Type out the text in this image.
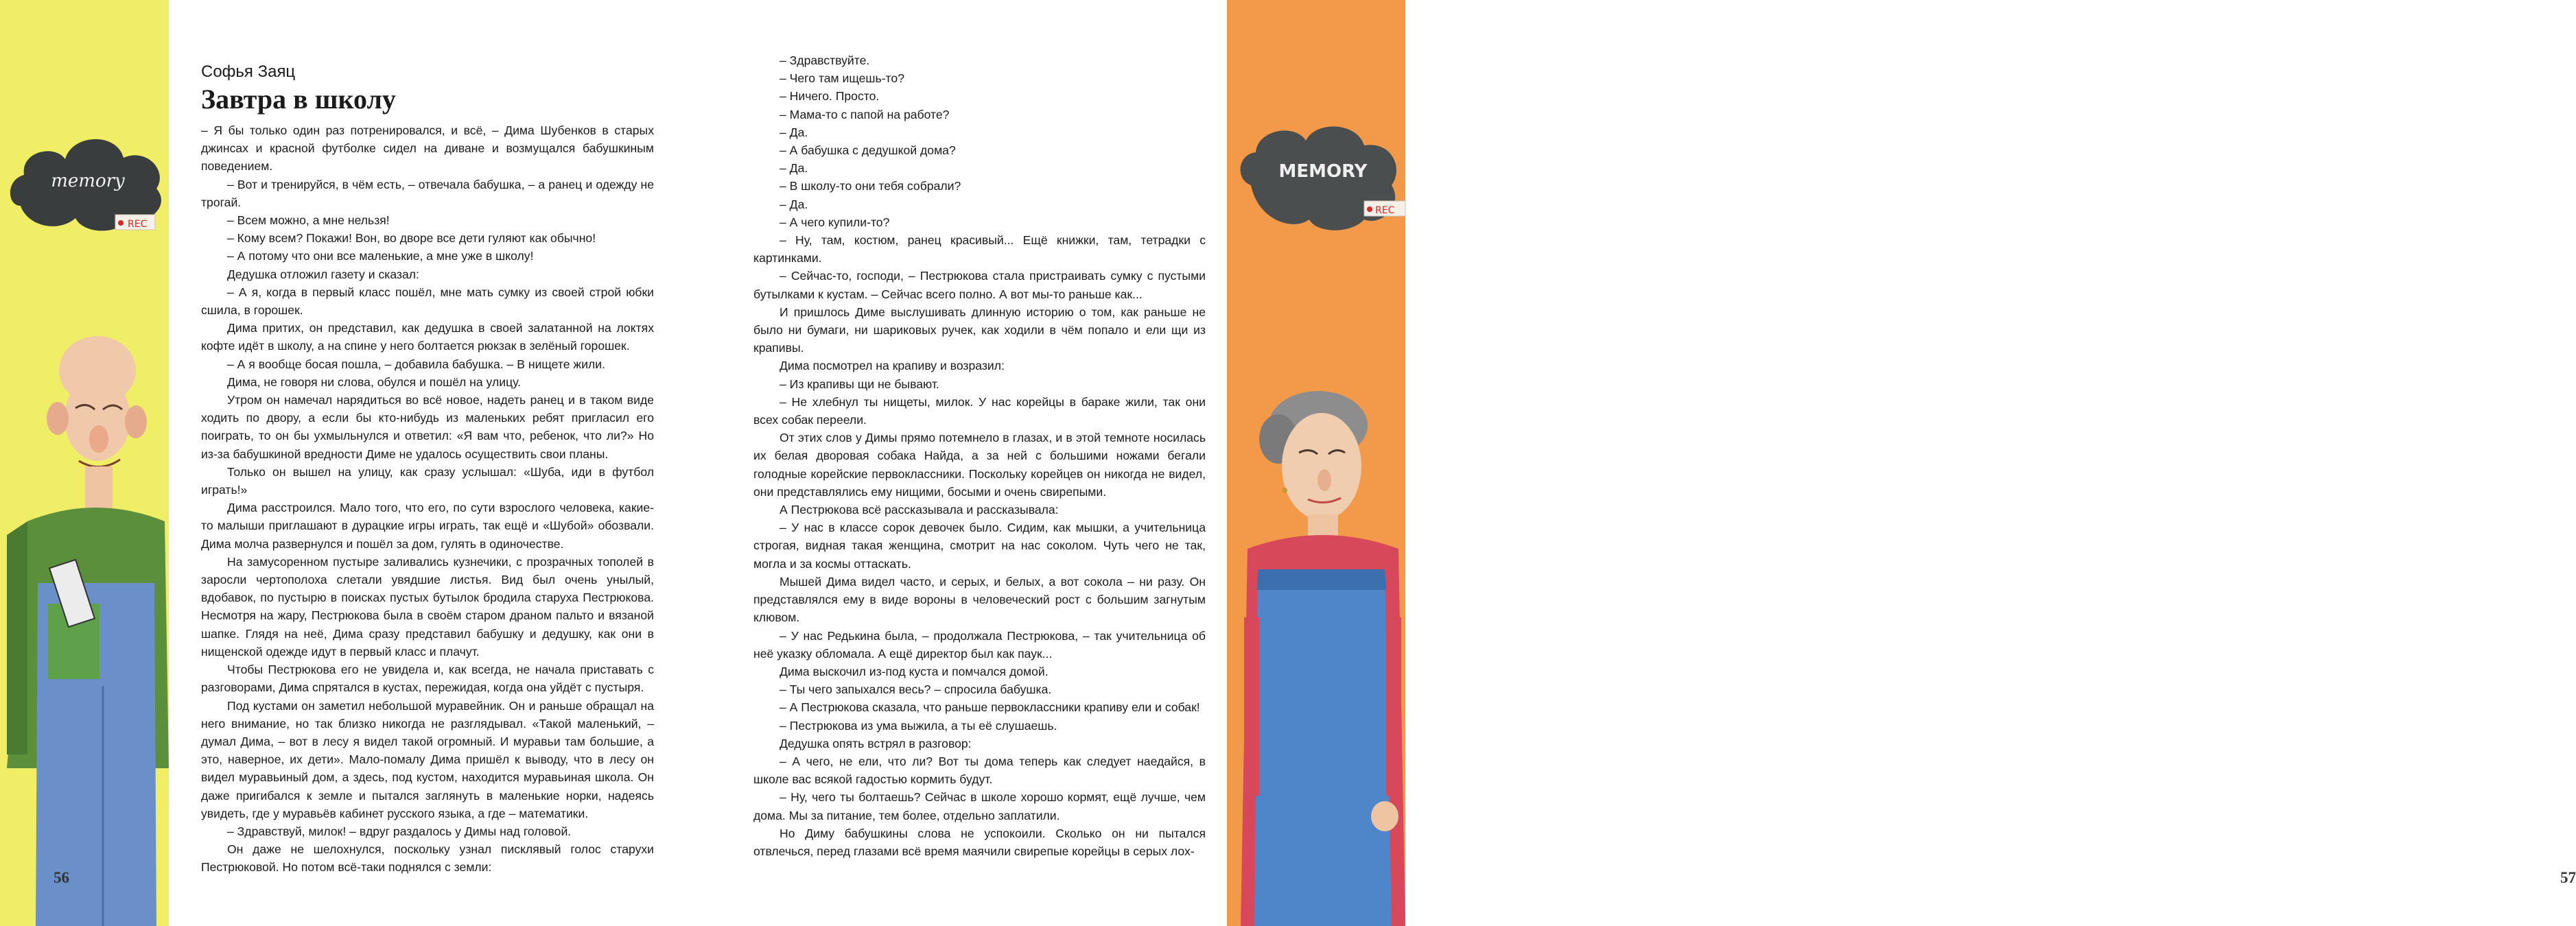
memory
REC
56
MEMORY
REC
57
Софья Заяц
Завтра в школу

– Я бы только один раз потренировался, и всё, – Дима Шубенков в старых джинсах и красной футболке сидел на диване и возмущался бабушкиным поведением.

– Вот и тренируйся, в чём есть, – отвечала бабушка, – а ранец и одежду не трогай.

– Всем можно, а мне нельзя!

– Кому всем? Покажи! Вон, во дворе все дети гуляют как обычно!

– А потому что они все маленькие, а мне уже в школу!

Дедушка отложил газету и сказал:

– А я, когда в первый класс пошёл, мне мать сумку из своей строй юбки сшила, в горошек.

Дима притих, он представил, как дедушка в своей залатанной на локтях кофте идёт в школу, а на спине у него болтается рюкзак в зелёный горошек.

– А я вообще босая пошла, – добавила бабушка. – В нищете жили.

Дима, не говоря ни слова, обулся и пошёл на улицу.

Утром он намечал нарядиться во всё новое, надеть ранец и в таком виде ходить по двору, а если бы кто-нибудь из маленьких ребят пригласил его поиграть, то он бы ухмыльнулся и ответил: «Я вам что, ребенок, что ли?» Но из-за бабушкиной вредности Диме не удалось осуществить свои планы.

Только он вышел на улицу, как сразу услышал: «Шуба, иди в футбол играть!»

Дима расстроился. Мало того, что его, по сути взрослого человека, какие-то малыши приглашают в дурацкие игры играть, так ещё и «Шубой» обозвали. Дима молча развернулся и пошёл за дом, гулять в одиночестве.

На замусоренном пустыре заливались кузнечики, с прозрачных тополей в заросли чертополоха слетали увядшие листья. Вид был очень унылый, вдобавок, по пустырю в поисках пустых бутылок бродила старуха Пестрюкова. Несмотря на жару, Пестрюкова была в своём старом драном пальто и вязаной шапке. Глядя на неё, Дима сразу представил бабушку и дедушку, как они в нищенской одежде идут в первый класс и плачут.

Чтобы Пестрюкова его не увидела и, как всегда, не начала приставать с разговорами, Дима спрятался в кустах, пережидая, когда она уйдёт с пустыря.

Под кустами он заметил небольшой муравейник. Он и раньше обращал на него внимание, но так близко никогда не разглядывал. «Такой маленький, – думал Дима, – вот в лесу я видел такой огромный. И муравьи там большие, а это, наверное, их дети». Мало-помалу Дима пришёл к выводу, что в лесу он видел муравьиный дом, а здесь, под кустом, находится муравьиная школа. Он даже пригибался к земле и пытался заглянуть в маленькие норки, надеясь увидеть, где у муравьёв кабинет русского языка, а где – математики.

– Здравствуй, милок! – вдруг раздалось у Димы над головой.

Он даже не шелохнулся, поскольку узнал писклявый голос старухи Пестрюковой. Но потом всё-таки поднялся с земли:

– Здравствуйте.

– Чего там ищешь-то?

– Ничего. Просто.

– Мама-то с папой на работе?

– Да.

– А бабушка с дедушкой дома?

– Да.

– В школу-то они тебя собрали?

– Да.

– А чего купили-то?

– Ну, там, костюм, ранец красивый... Ещё книжки, там, тетрадки с картинками.

– Сейчас-то, господи, – Пестрюкова стала пристраивать сумку с пустыми бутылками к кустам. – Сейчас всего полно. А вот мы-то раньше как...

И пришлось Диме выслушивать длинную историю о том, как раньше не было ни бумаги, ни шариковых ручек, как ходили в чём попало и ели щи из крапивы.

Дима посмотрел на крапиву и возразил:

– Из крапивы щи не бывают.

– Не хлебнул ты нищеты, милок. У нас корейцы в бараке жили, так они всех собак переели.

От этих слов у Димы прямо потемнело в глазах, и в этой темноте носилась их белая дворовая собака Найда, а за ней с большими ножами бегали голодные корейские первоклассники. Поскольку корейцев он никогда не видел, они представлялись ему нищими, босыми и очень свирепыми.

А Пестрюкова всё рассказывала и рассказывала:

– У нас в классе сорок девочек было. Сидим, как мышки, а учительница строгая, видная такая женщина, смотрит на нас соколом. Чуть чего не так, могла и за космы оттаскать.

Мышей Дима видел часто, и серых, и белых, а вот сокола – ни разу. Он представлялся ему в виде вороны в человеческий рост с большим загнутым клювом.

– У нас Редькина была, – продолжала Пестрюкова, – так учительница об неё указку обломала. А ещё директор был как паук...

Дима выскочил из-под куста и помчался домой.

– Ты чего запыхался весь? – спросила бабушка.

– А Пестрюкова сказала, что раньше первоклассники крапиву ели и собак!

– Пестрюкова из ума выжила, а ты её слушаешь.

Дедушка опять встрял в разговор:

– А чего, не ели, что ли? Вот ты дома теперь как следует наедайся, в школе вас всякой гадостью кормить будут.

– Ну, чего ты болтаешь? Сейчас в школе хорошо кормят, ещё лучше, чем дома. Мы за питание, тем более, отдельно заплатили.

Но Диму бабушкины слова не успокоили. Сколько он ни пытался отвлечься, перед глазами всё время маячили свирепые корейцы в серых лох-
